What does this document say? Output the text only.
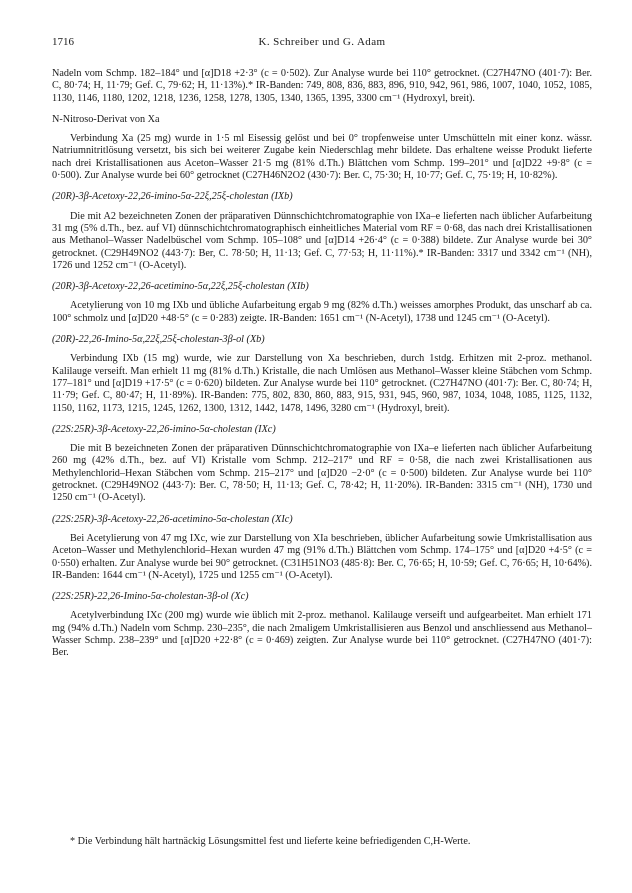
1716	K. Schreiber und G. Adam

Nadeln vom Schmp. 182–184° und [α]D18 +2·3° (c = 0·502). Zur Analyse wurde bei 110° getrocknet. (C27H47NO (401·7): Ber. C, 80·74; H, 11·79; Gef. C, 79·62; H, 11·13%).* IR-Banden: 749, 808, 836, 883, 896, 910, 942, 961, 986, 1007, 1040, 1052, 1085, 1130, 1146, 1180, 1202, 1218, 1236, 1258, 1278, 1305, 1340, 1365, 1395, 3300 cm⁻¹ (Hydroxyl, breit).

N-Nitroso-Derivat von Xa

Verbindung Xa (25 mg) wurde in 1·5 ml Eisessig gelöst und bei 0° tropfenweise unter Umschütteln mit einer konz. wässr. Natriumnitritlösung versetzt, bis sich bei weiterer Zugabe kein Niederschlag mehr bildete. Das erhaltene weisse Produkt lieferte nach drei Kristallisationen aus Aceton–Wasser 21·5 mg (81% d.Th.) Blättchen vom Schmp. 199–201° und [α]D22 +9·8° (c = 0·500). Zur Analyse wurde bei 60° getrocknet (C27H46N2O2 (430·7): Ber. C, 75·30; H, 10·77; Gef. C, 75·19; H, 10·82%).

(20R)-3β-Acetoxy-22,26-imino-5α-22ξ,25ξ-cholestan (IXb)

Die mit A2 bezeichneten Zonen der präparativen Dünnschichtchromatographie von IXa–e lieferten nach üblicher Aufarbeitung 31 mg (5% d.Th., bez. auf VI) dünnschichtchromatographisch einheitliches Material vom RF = 0·68, das nach drei Kristallisationen aus Methanol–Wasser Nadelbüschel vom Schmp. 105–108° und [α]D14 +26·4° (c = 0·388) bildete. Zur Analyse wurde bei 30° getrocknet. (C29H49NO2 (443·7): Ber, C. 78·50; H, 11·13; Gef. C, 77·53; H, 11·11%).* IR-Banden: 3317 und 3342 cm⁻¹ (NH), 1726 und 1252 cm⁻¹ (O-Acetyl).

(20R)-3β-Acetoxy-22,26-acetimino-5α,22ξ,25ξ-cholestan (XIb)

Acetylierung von 10 mg IXb und übliche Aufarbeitung ergab 9 mg (82% d.Th.) weisses amorphes Produkt, das unscharf ab ca. 100° schmolz und [α]D20 +48·5° (c = 0·283) zeigte. IR-Banden: 1651 cm⁻¹ (N-Acetyl), 1738 und 1245 cm⁻¹ (O-Acetyl).

(20R)-22,26-Imino-5α,22ξ,25ξ-cholestan-3β-ol (Xb)

Verbindung IXb (15 mg) wurde, wie zur Darstellung von Xa beschrieben, durch 1stdg. Erhitzen mit 2-proz. methanol. Kalilauge verseift. Man erhielt 11 mg (81% d.Th.) Kristalle, die nach Umlösen aus Methanol–Wasser kleine Stäbchen vom Schmp. 177–181° und [α]D19 +17·5° (c = 0·620) bildeten. Zur Analyse wurde bei 110° getrocknet. (C27H47NO (401·7): Ber. C, 80·74; H, 11·79; Gef. C, 80·47; H, 11·89%). IR-Banden: 775, 802, 830, 860, 883, 915, 931, 945, 960, 987, 1034, 1048, 1085, 1125, 1132, 1150, 1162, 1173, 1215, 1245, 1262, 1300, 1312, 1442, 1478, 1496, 3280 cm⁻¹ (Hydroxyl, breit).

(22S:25R)-3β-Acetoxy-22,26-imino-5α-cholestan (IXc)

Die mit B bezeichneten Zonen der präparativen Dünnschichtchromatographie von IXa–e lieferten nach üblicher Aufarbeitung 260 mg (42% d.Th., bez. auf VI) Kristalle vom Schmp. 212–217° und RF = 0·58, die nach zwei Kristallisationen aus Methylenchlorid–Hexan Stäbchen vom Schmp. 215–217° und [α]D20 −2·0° (c = 0·500) bildeten. Zur Analyse wurde bei 110° getrocknet. (C29H49NO2 (443·7): Ber. C, 78·50; H, 11·13; Gef. C, 78·42; H, 11·20%). IR-Banden: 3315 cm⁻¹ (NH), 1730 und 1250 cm⁻¹ (O-Acetyl).

(22S:25R)-3β-Acetoxy-22,26-acetimino-5α-cholestan (XIc)

Bei Acetylierung von 47 mg IXc, wie zur Darstellung von XIa beschrieben, üblicher Aufarbeitung sowie Umkristallisation aus Aceton–Wasser und Methylenchlorid–Hexan wurden 47 mg (91% d.Th.) Blättchen vom Schmp. 174–175° und [α]D20 +4·5° (c = 0·550) erhalten. Zur Analyse wurde bei 90° getrocknet. (C31H51NO3 (485·8): Ber. C, 76·65; H, 10·59; Gef. C, 76·65; H, 10·64%). IR-Banden: 1644 cm⁻¹ (N-Acetyl), 1725 und 1255 cm⁻¹ (O-Acetyl).

(22S:25R)-22,26-Imino-5α-cholestan-3β-ol (Xc)

Acetylverbindung IXc (200 mg) wurde wie üblich mit 2-proz. methanol. Kalilauge verseift und aufgearbeitet. Man erhielt 171 mg (94% d.Th.) Nadeln vom Schmp. 230–235°, die nach 2maligem Umkristallisieren aus Benzol und anschliessend aus Methanol–Wasser Schmp. 238–239° und [α]D20 +22·8° (c = 0·469) zeigten. Zur Analyse wurde bei 110° getrocknet. (C27H47NO (401·7): Ber.

* Die Verbindung hält hartnäckig Lösungsmittel fest und lieferte keine befriedigenden C,H-Werte.
